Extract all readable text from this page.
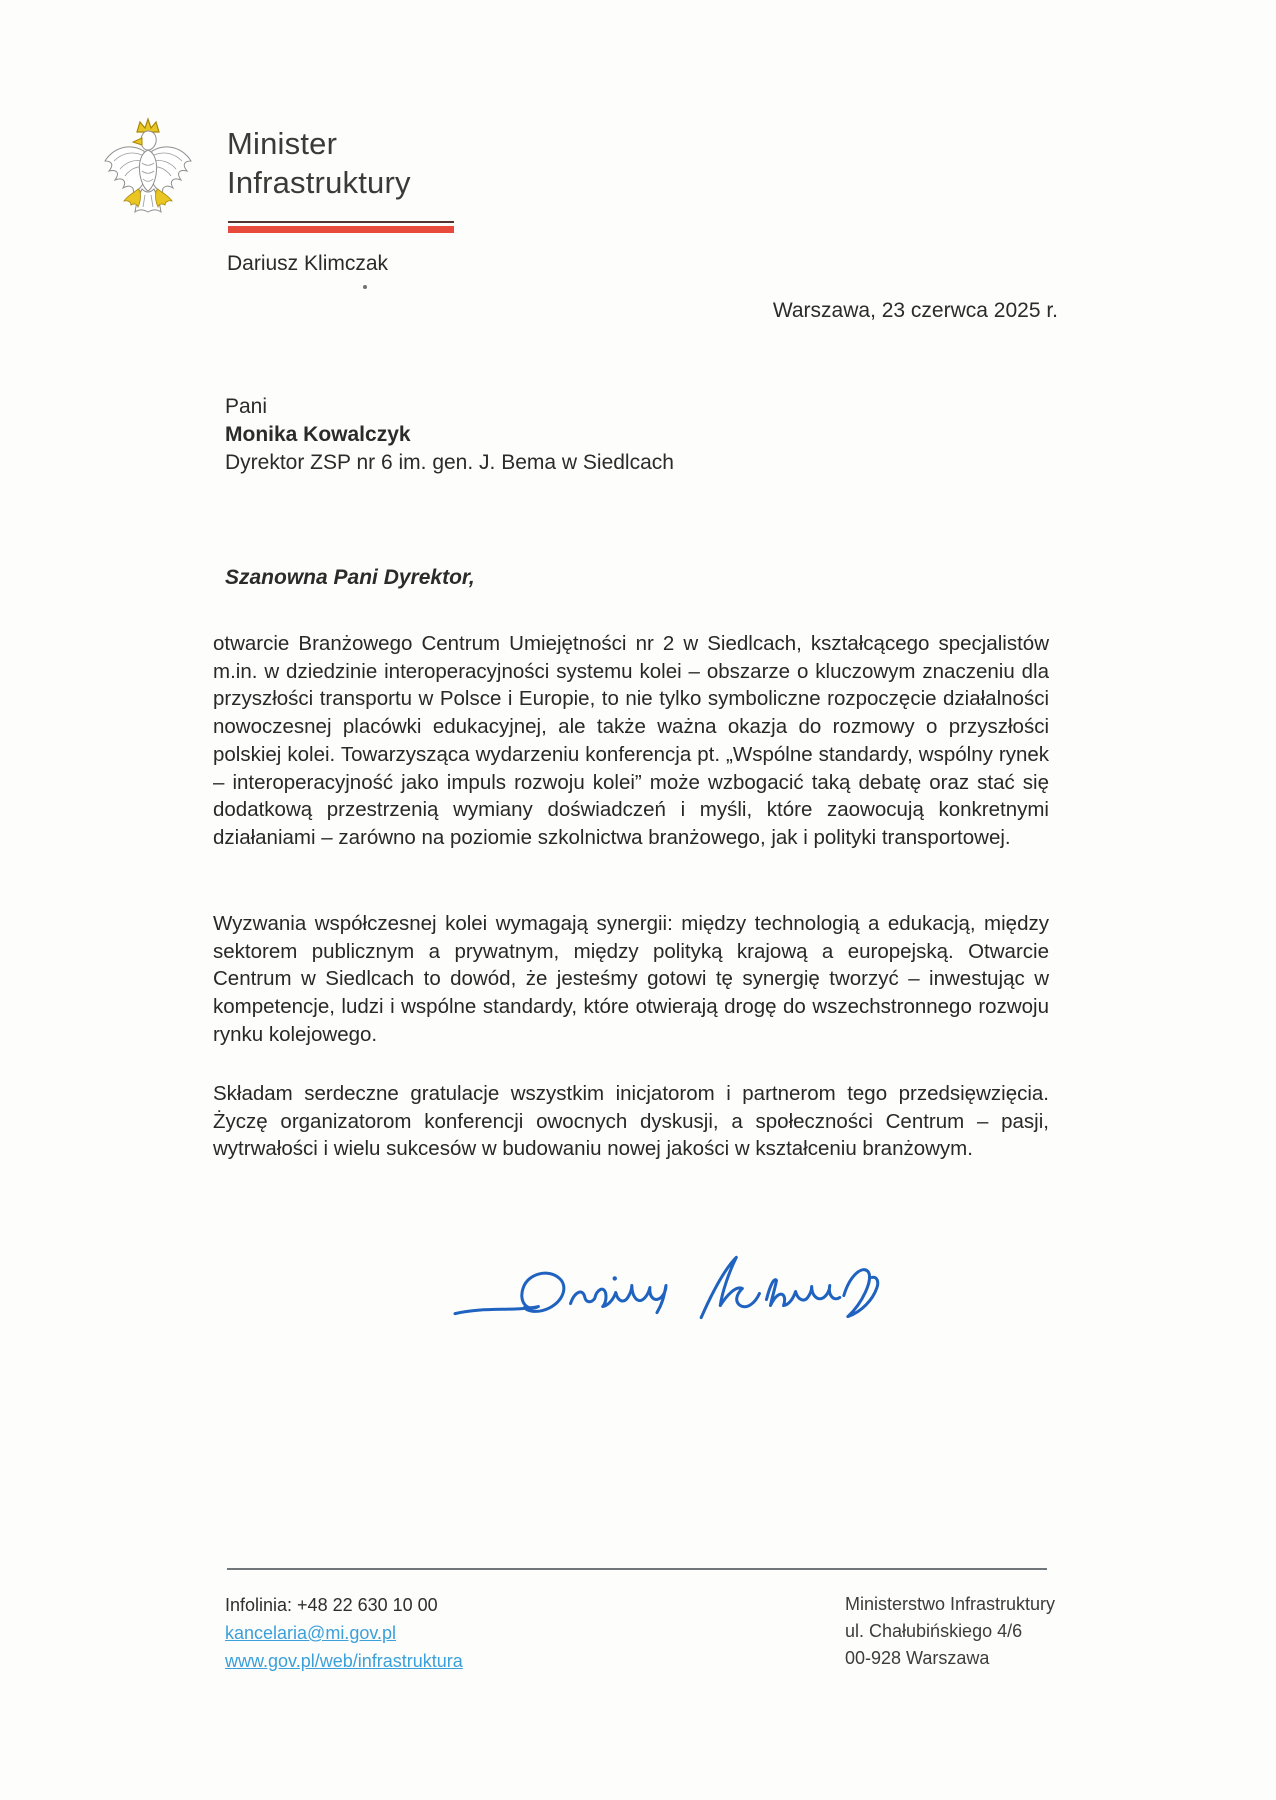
Minister
Infrastruktury
Dariusz Klimczak
Warszawa, 23 czerwca 2025 r.
Pani
Monika Kowalczyk
Dyrektor ZSP nr 6 im. gen. J. Bema w Siedlcach
Szanowna Pani Dyrektor,
otwarcie Branżowego Centrum Umiejętności nr 2 w Siedlcach, kształcącego specjalistów m.in. w dziedzinie interoperacyjności systemu kolei – obszarze o kluczowym znaczeniu dla przyszłości transportu w Polsce i Europie, to nie tylko symboliczne rozpoczęcie działalności nowoczesnej placówki edukacyjnej, ale także ważna okazja do rozmowy o przyszłości polskiej kolei. Towarzysząca wydarzeniu konferencja pt. „Wspólne standardy, wspólny rynek – interoperacyjność jako impuls rozwoju kolei” może wzbogacić taką debatę oraz stać się dodatkową przestrzenią wymiany doświadczeń i myśli, które zaowocują konkretnymi działaniami – zarówno na poziomie szkolnictwa branżowego, jak i polityki transportowej.
Wyzwania współczesnej kolei wymagają synergii: między technologią a edukacją, między sektorem publicznym a prywatnym, między polityką krajową a europejską. Otwarcie Centrum w Siedlcach to dowód, że jesteśmy gotowi tę synergię tworzyć – inwestując w kompetencje, ludzi i wspólne standardy, które otwierają drogę do wszechstronnego rozwoju rynku kolejowego.
Składam serdeczne gratulacje wszystkim inicjatorom i partnerom tego przedsięwzięcia. Życzę organizatorom konferencji owocnych dyskusji, a społeczności Centrum – pasji, wytrwałości i wielu sukcesów w budowaniu nowej jakości w kształceniu branżowym.
Infolinia: +48 22 630 10 00
kancelaria@mi.gov.pl
www.gov.pl/web/infrastruktura
Ministerstwo Infrastruktury
ul. Chałubińskiego 4/6
00-928 Warszawa
